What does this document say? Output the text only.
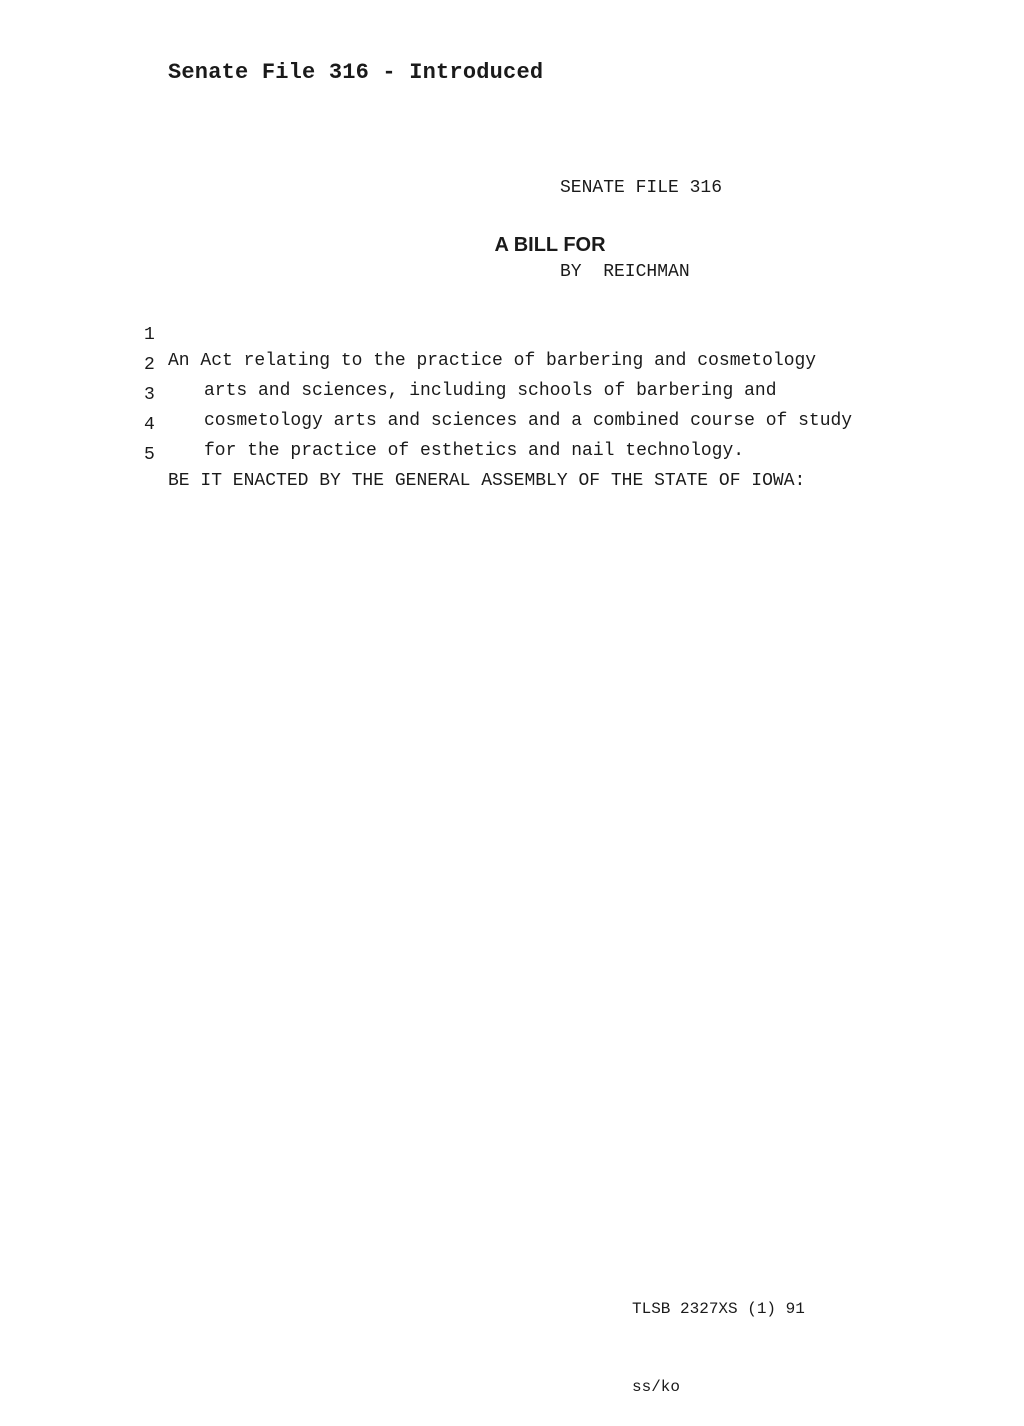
Senate File 316 - Introduced

SENATE FILE 316

BY  REICHMAN

A BILL FOR

1

An Act relating to the practice of barbering and cosmetology

2

arts and sciences, including schools of barbering and

3

cosmetology arts and sciences and a combined course of study

4

for the practice of esthetics and nail technology.

5

BE IT ENACTED BY THE GENERAL ASSEMBLY OF THE STATE OF IOWA:

TLSB 2327XS (1) 91

ss/ko
